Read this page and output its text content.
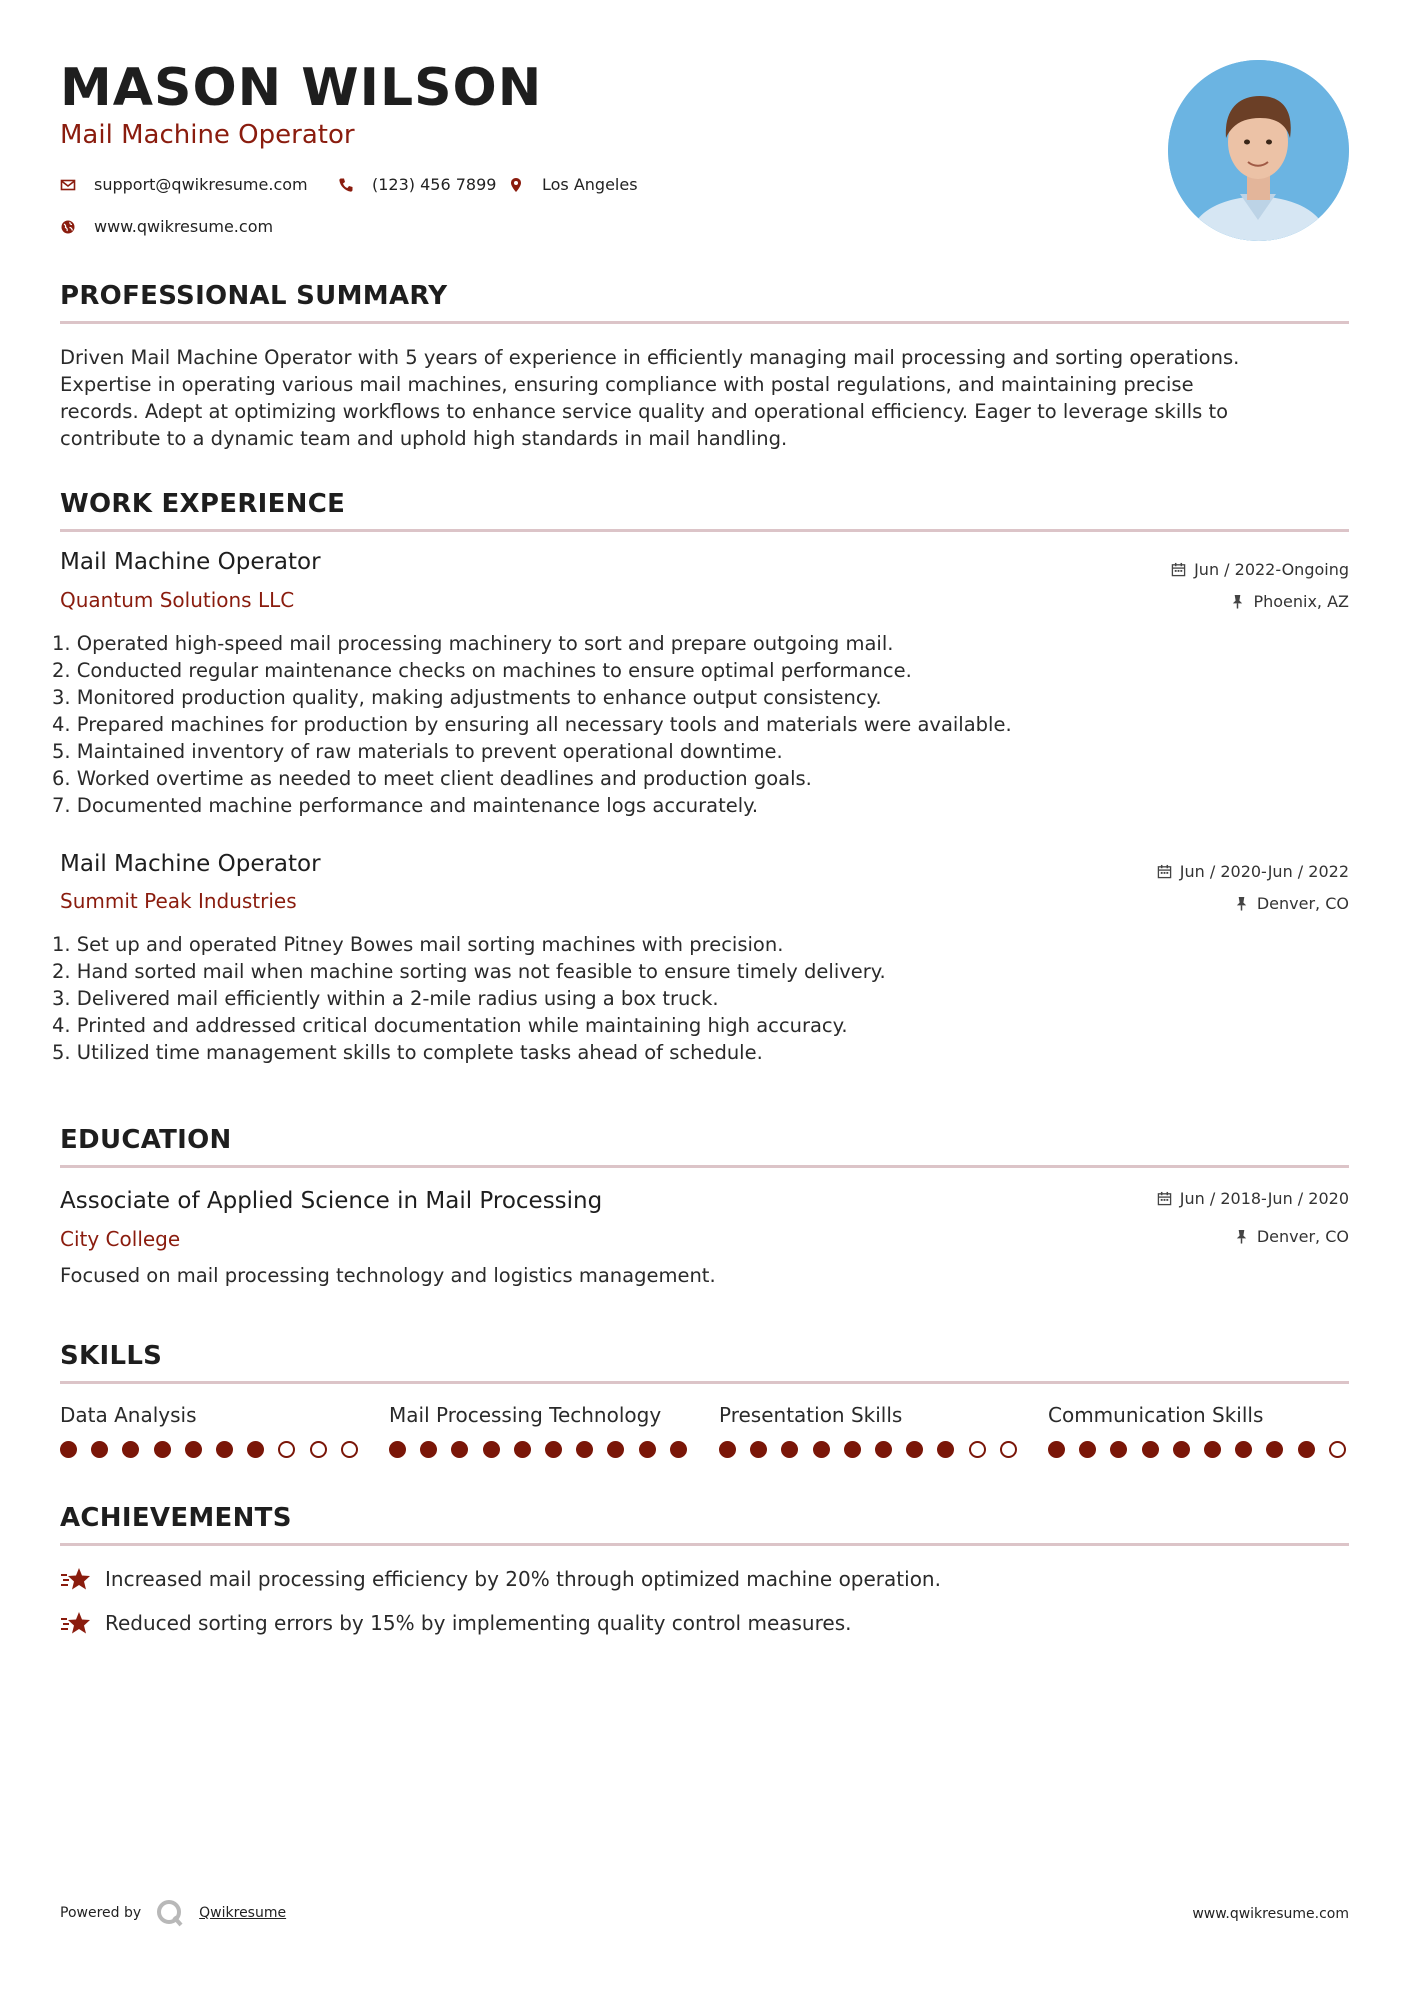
MASON WILSON
Mail Machine Operator
support@qwikresume.com	(123) 456 7899	Los Angeles
www.qwikresume.com
PROFESSIONAL SUMMARY
Driven Mail Machine Operator with 5 years of experience in efficiently managing mail processing and sorting operations.
Expertise in operating various mail machines, ensuring compliance with postal regulations, and maintaining precise
records. Adept at optimizing workflows to enhance service quality and operational efficiency. Eager to leverage skills to
contribute to a dynamic team and uphold high standards in mail handling.
WORK EXPERIENCE
Mail Machine Operator
Quantum Solutions LLC
Jun / 2022-Ongoing
Phoenix, AZ
1. Operated high-speed mail processing machinery to sort and prepare outgoing mail.
2. Conducted regular maintenance checks on machines to ensure optimal performance.
3. Monitored production quality, making adjustments to enhance output consistency.
4. Prepared machines for production by ensuring all necessary tools and materials were available.
5. Maintained inventory of raw materials to prevent operational downtime.
6. Worked overtime as needed to meet client deadlines and production goals.
7. Documented machine performance and maintenance logs accurately.
Mail Machine Operator
Summit Peak Industries
Jun / 2020-Jun / 2022
Denver, CO
1. Set up and operated Pitney Bowes mail sorting machines with precision.
2. Hand sorted mail when machine sorting was not feasible to ensure timely delivery.
3. Delivered mail efficiently within a 2-mile radius using a box truck.
4. Printed and addressed critical documentation while maintaining high accuracy.
5. Utilized time management skills to complete tasks ahead of schedule.
EDUCATION
Associate of Applied Science in Mail Processing
City College
Jun / 2018-Jun / 2020
Denver, CO
Focused on mail processing technology and logistics management.
SKILLS
Data Analysis	Mail Processing Technology	Presentation Skills	Communication Skills
ACHIEVEMENTS
Increased mail processing efficiency by 20% through optimized machine operation.
Reduced sorting errors by 15% by implementing quality control measures.
Powered by	Qwikresume	www.qwikresume.com
